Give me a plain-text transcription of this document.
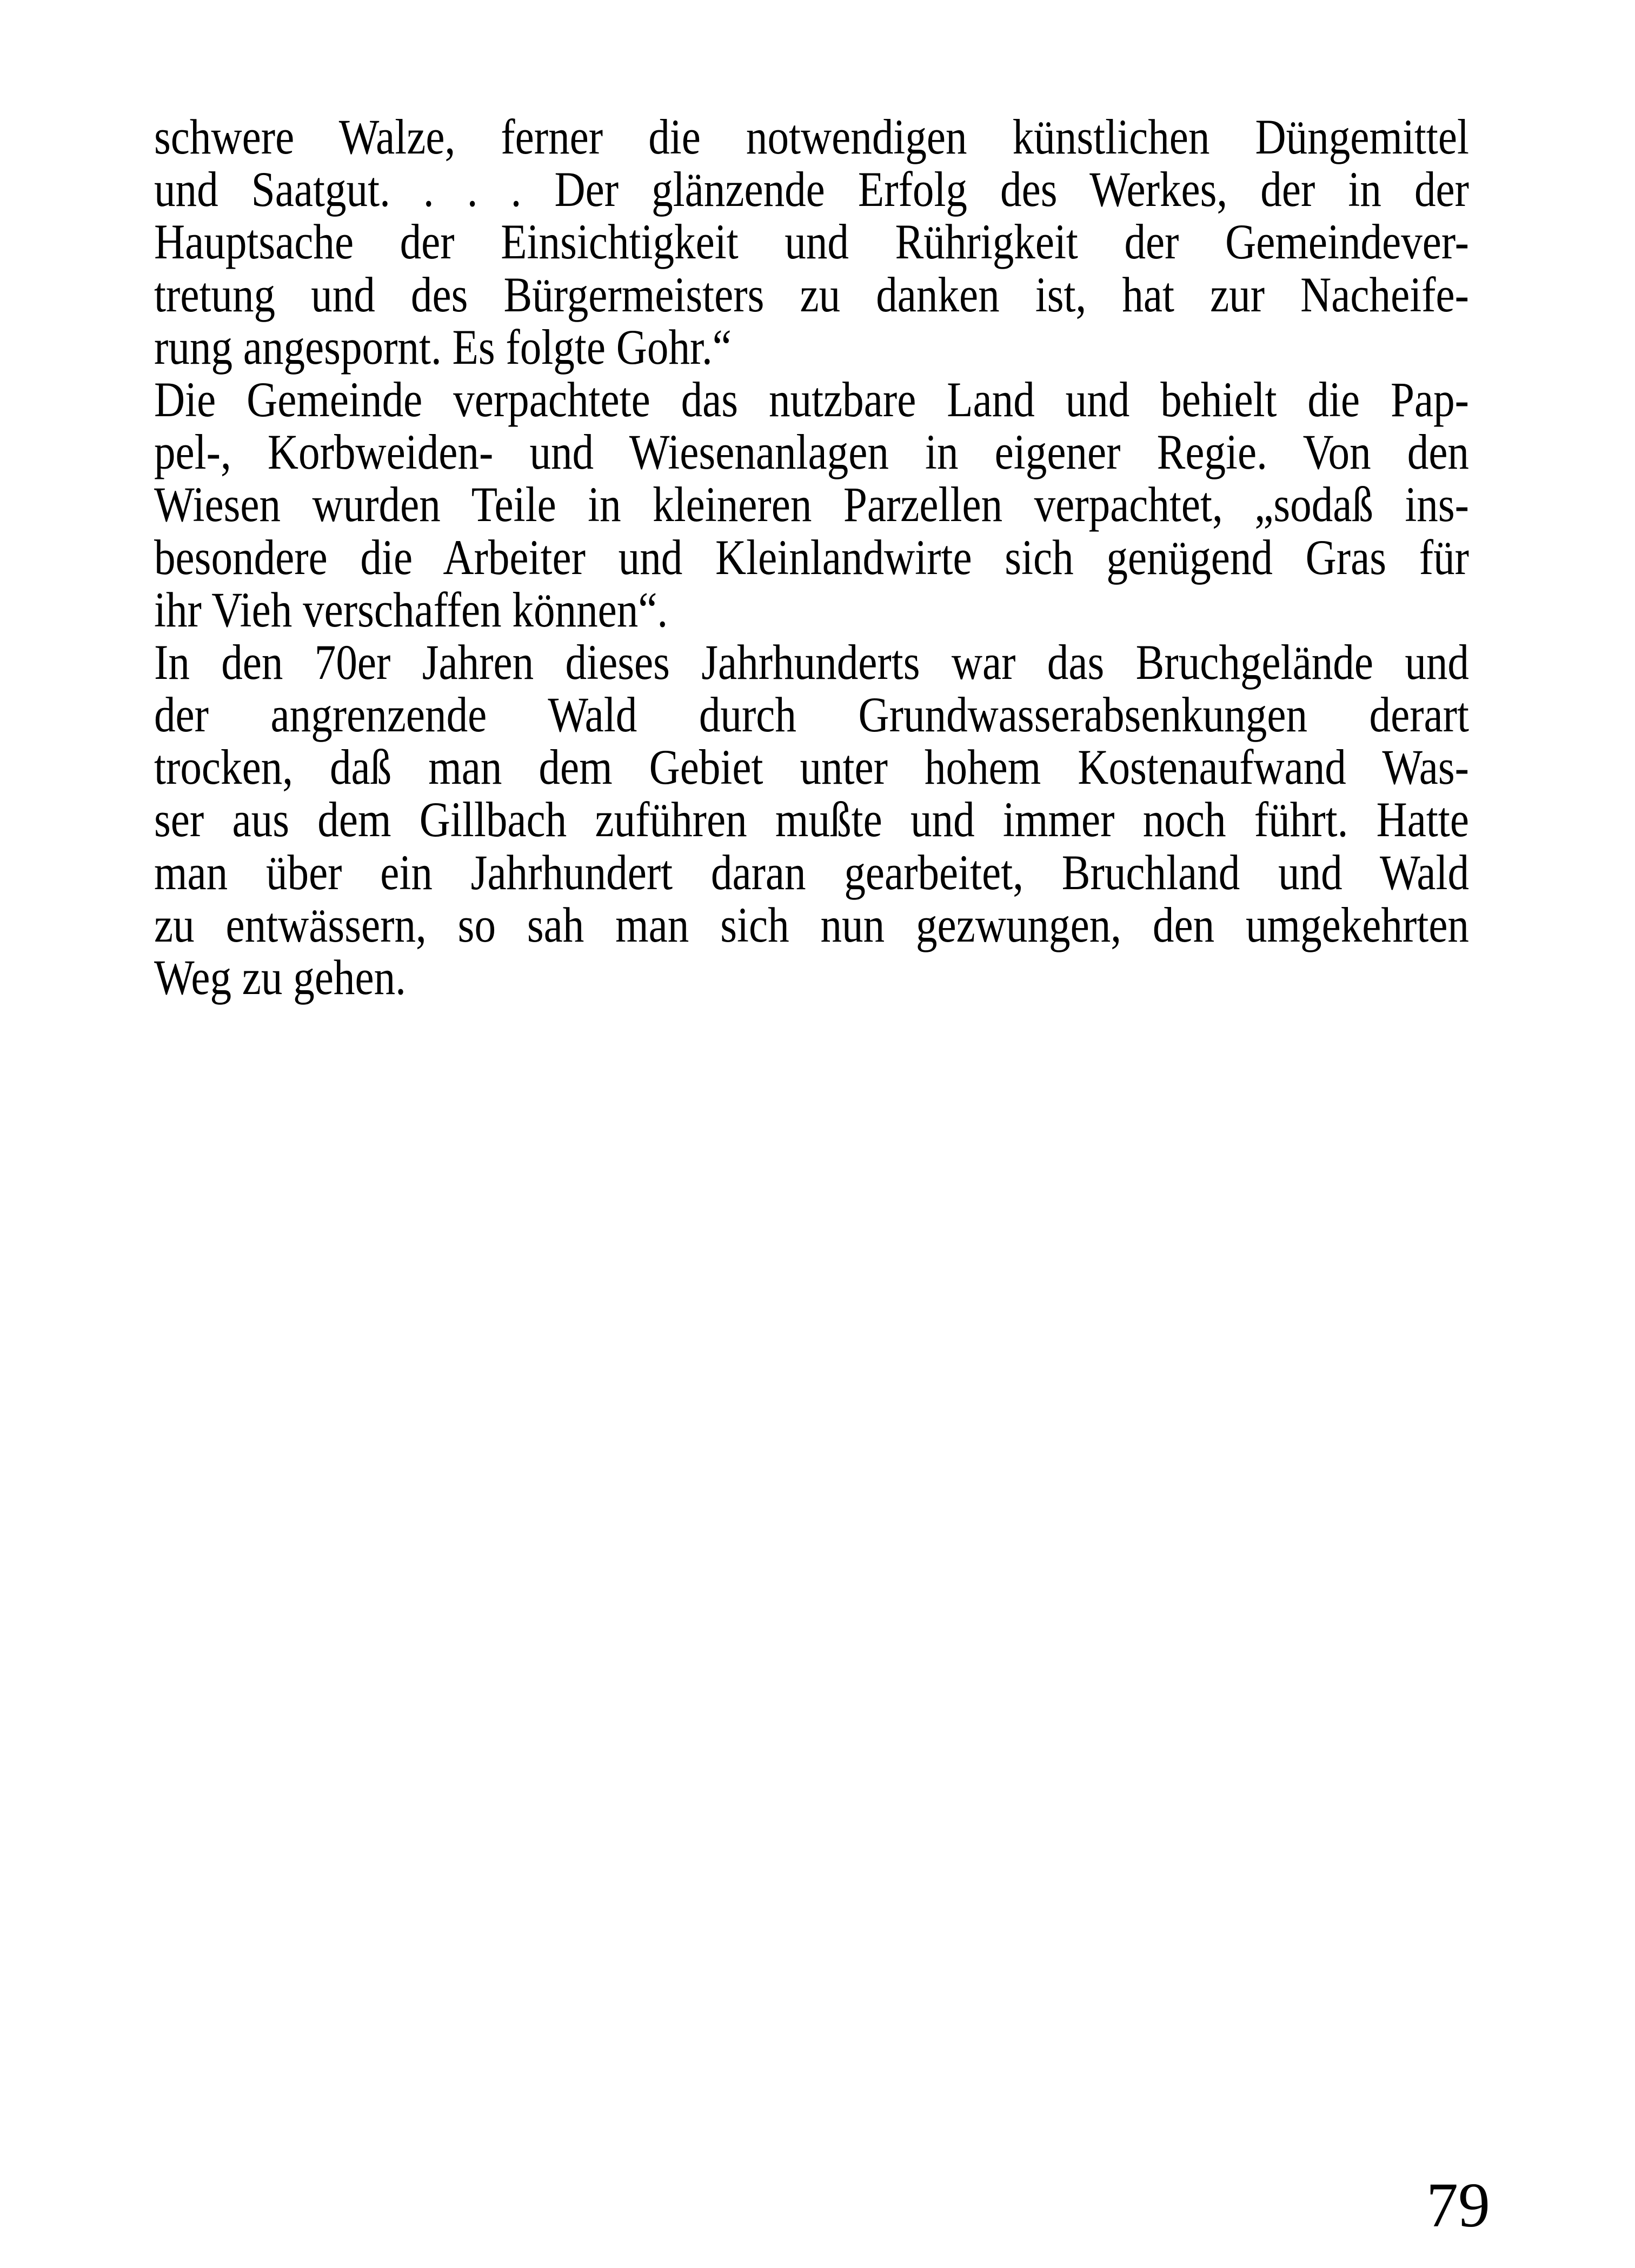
schwere Walze, ferner die notwendigen künstlichen Düngemittel
und Saatgut. . . . Der glänzende Erfolg des Werkes, der in der
Hauptsache der Einsichtigkeit und Rührigkeit der Gemeindever-
tretung und des Bürgermeisters zu danken ist, hat zur Nacheife-
rung angespornt. Es folgte Gohr.“
Die Gemeinde verpachtete das nutzbare Land und behielt die Pap-
pel-, Korbweiden- und Wiesenanlagen in eigener Regie. Von den
Wiesen wurden Teile in kleineren Parzellen verpachtet, „sodaß ins-
besondere die Arbeiter und Kleinlandwirte sich genügend Gras für
ihr Vieh verschaffen können“.
In den 70er Jahren dieses Jahrhunderts war das Bruchgelände und
der angrenzende Wald durch Grundwasserabsenkungen derart
trocken, daß man dem Gebiet unter hohem Kostenaufwand Was-
ser aus dem Gillbach zuführen mußte und immer noch führt. Hatte
man über ein Jahrhundert daran gearbeitet, Bruchland und Wald
zu entwässern, so sah man sich nun gezwungen, den umgekehrten
Weg zu gehen.
79
